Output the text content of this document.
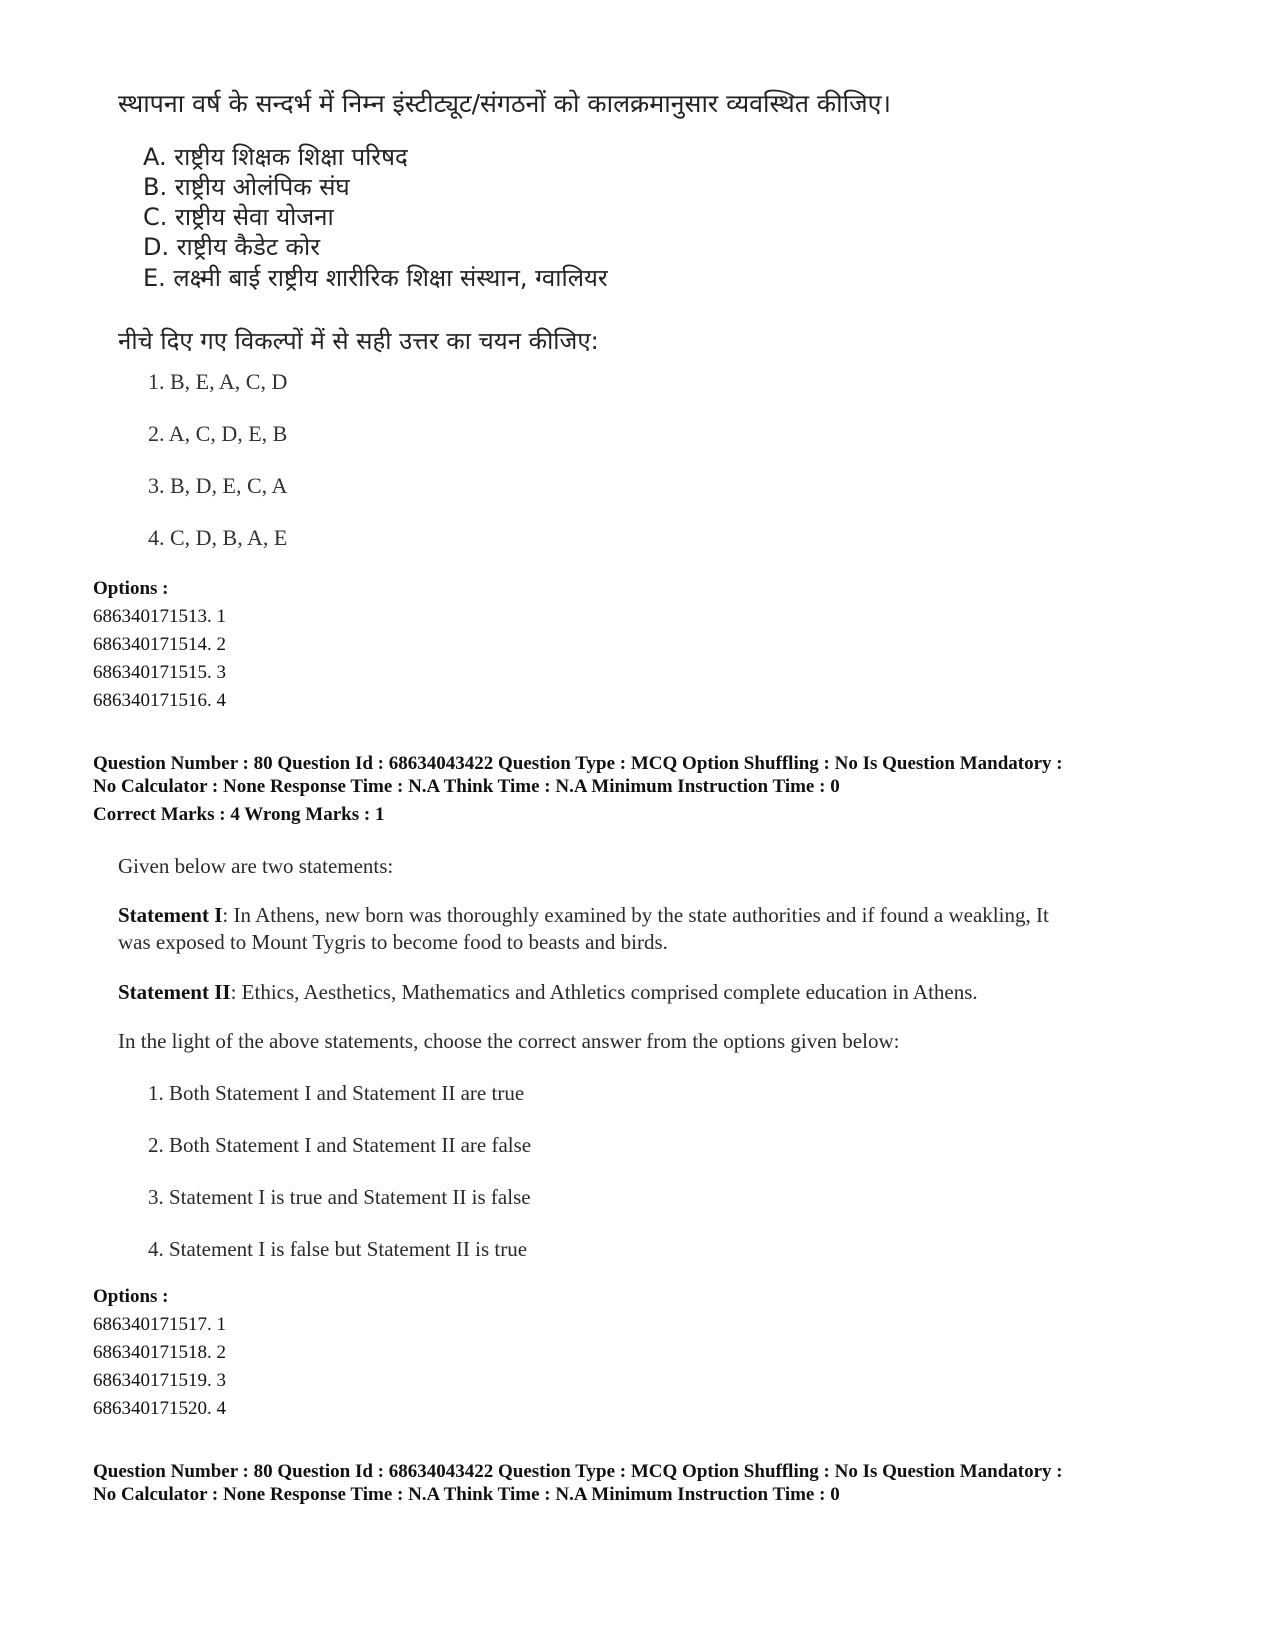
स्थापना वर्ष के सन्दर्भ में निम्न इंस्टीट्यूट/संगठनों को कालक्रमानुसार व्यवस्थित कीजिए।
A. राष्ट्रीय शिक्षक शिक्षा परिषद
B. राष्ट्रीय ओलंपिक संघ
C. राष्ट्रीय सेवा योजना
D. राष्ट्रीय कैडेट कोर
E. लक्ष्मी बाई राष्ट्रीय शारीरिक शिक्षा संस्थान, ग्वालियर
नीचे दिए गए विकल्पों में से सही उत्तर का चयन कीजिए:
1. B, E, A, C, D
2. A, C, D, E, B
3. B, D, E, C, A
4. C, D, B, A, E
Options :
686340171513. 1
686340171514. 2
686340171515. 3
686340171516. 4
Question Number : 80 Question Id : 68634043422 Question Type : MCQ Option Shuffling : No Is Question Mandatory :
No Calculator : None Response Time : N.A Think Time : N.A Minimum Instruction Time : 0
Correct Marks : 4 Wrong Marks : 1
Given below are two statements:
Statement I: In Athens, new born was thoroughly examined by the state authorities and if found a weakling, It
was exposed to Mount Tygris to become food to beasts and birds.
Statement II: Ethics, Aesthetics, Mathematics and Athletics comprised complete education in Athens.
In the light of the above statements, choose the correct answer from the options given below:
1. Both Statement I and Statement II are true
2. Both Statement I and Statement II are false
3. Statement I is true and Statement II is false
4. Statement I is false but Statement II is true
Options :
686340171517. 1
686340171518. 2
686340171519. 3
686340171520. 4
Question Number : 80 Question Id : 68634043422 Question Type : MCQ Option Shuffling : No Is Question Mandatory :
No Calculator : None Response Time : N.A Think Time : N.A Minimum Instruction Time : 0
